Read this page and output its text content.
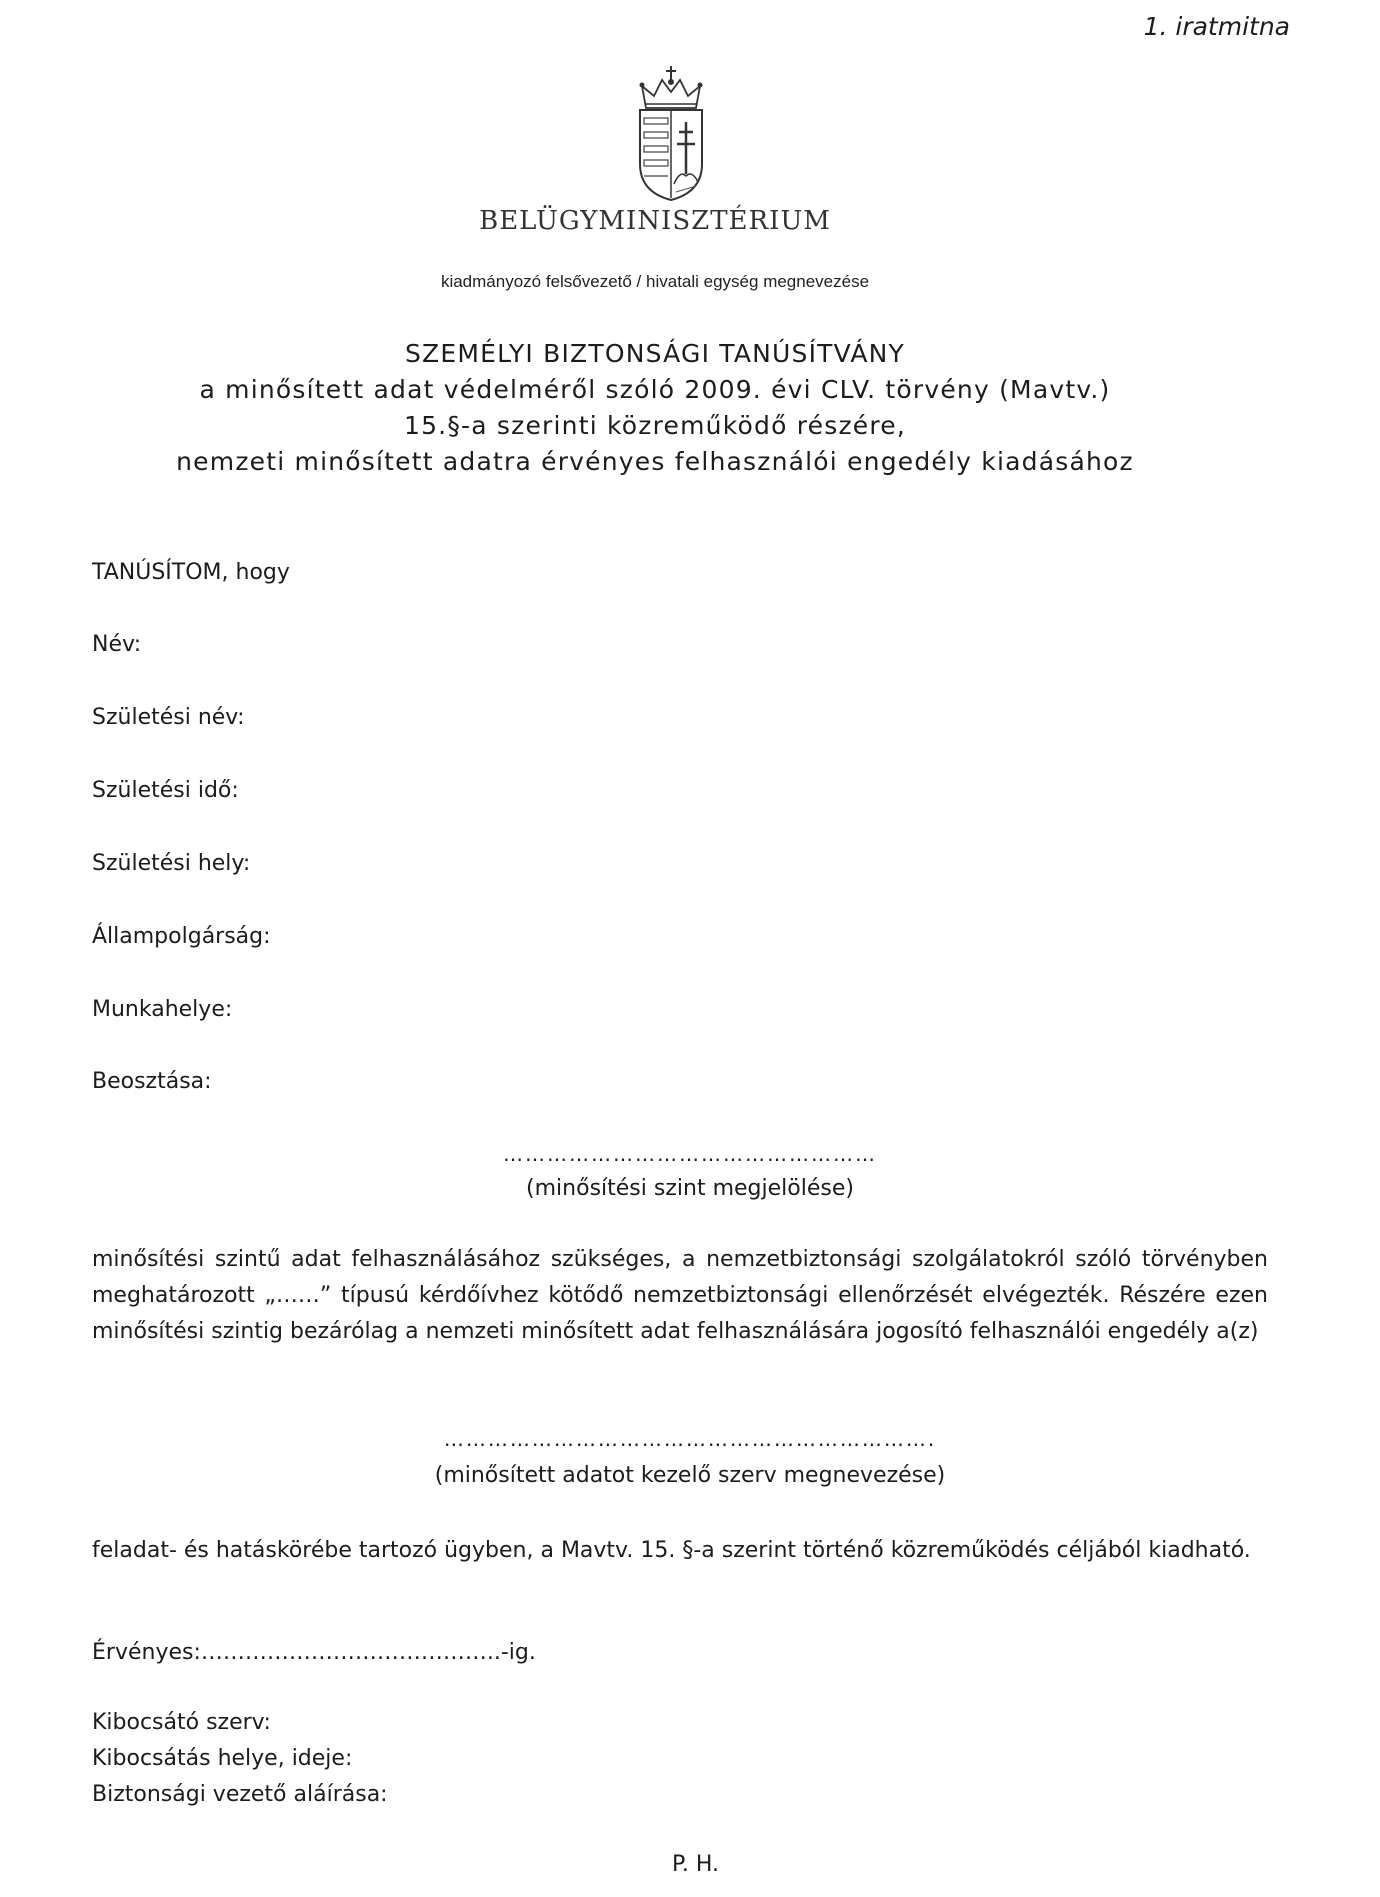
1. iratmitna
BELÜGYMINISZTÉRIUM
kiadmányozó felsővezető / hivatali egység megnevezése
SZEMÉLYI BIZTONSÁGI TANÚSÍTVÁNY
a minősített adat védelméről szóló 2009. évi CLV. törvény (Mavtv.)
15.§-a szerinti közreműködő részére,
nemzeti minősített adatra érvényes felhasználói engedély kiadásához
TANÚSÍTOM, hogy
Név:
Születési név:
Születési idő:
Születési hely:
Állampolgárság:
Munkahelye:
Beosztása:
……………………………………………
(minősítési szint megjelölése)
minősítési szintű adat felhasználásához szükséges, a nemzetbiztonsági szolgálatokról szóló törvényben meghatározott „……” típusú kérdőívhez kötődő nemzetbiztonsági ellenőrzését elvégezték. Részére ezen minősítési szintig bezárólag a nemzeti minősített adat felhasználására jogosító felhasználói engedély a(z)
………………………………………………………….
(minősített adatot kezelő szerv megnevezése)
feladat- és hatáskörébe tartozó ügyben, a Mavtv. 15. §-a szerint történő közreműködés céljából kiadható.
Érvényes:…………………………………..-ig.
Kibocsátó szerv:
Kibocsátás helye, ideje:
Biztonsági vezető aláírása:
P. H.
